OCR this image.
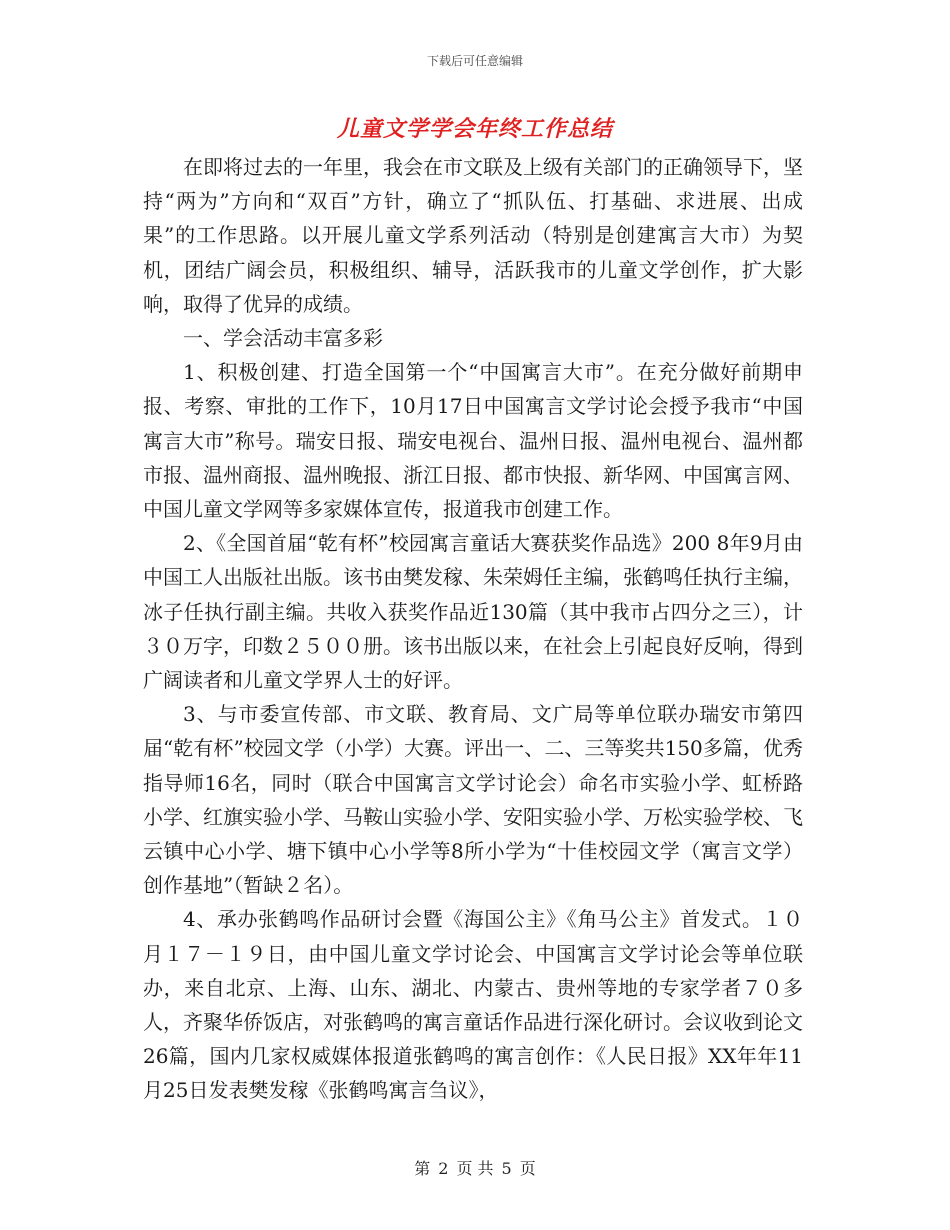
下载后可任意编辑
儿童文学学会年终工作总结

在即将过去的一年里，我会在市文联及上级有关部门的正确领导下，坚持“两为”方向和“双百”方针，确立了“抓队伍、打基础、求进展、出成果”的工作思路。以开展儿童文学系列活动（特别是创建寓言大市）为契机，团结广阔会员，积极组织、辅导，活跃我市的儿童文学创作，扩大影响，取得了优异的成绩。

一、学会活动丰富多彩

1、积极创建、打造全国第一个“中国寓言大市”。在充分做好前期申报、考察、审批的工作下，10月17日中国寓言文学讨论会授予我市“中国寓言大市”称号。瑞安日报、瑞安电视台、温州日报、温州电视台、温州都市报、温州商报、温州晚报、浙江日报、都市快报、新华网、中国寓言网、中国儿童文学网等多家媒体宣传，报道我市创建工作。

2、《全国首届“乾有杯”校园寓言童话大赛获奖作品选》200 8年9月由中国工人出版社出版。该书由樊发稼、朱荣姆任主编，张鹤鸣任执行主编，冰子任执行副主编。共收入获奖作品近130篇（其中我市占四分之三），计３０万字，印数２５００册。该书出版以来，在社会上引起良好反响，得到广阔读者和儿童文学界人士的好评。

3、与市委宣传部、市文联、教育局、文广局等单位联办瑞安市第四届“乾有杯”校园文学（小学）大赛。评出一、二、三等奖共150多篇，优秀指导师16名，同时（联合中国寓言文学讨论会）命名市实验小学、虹桥路小学、红旗实验小学、马鞍山实验小学、安阳实验小学、万松实验学校、飞云镇中心小学、塘下镇中心小学等8所小学为“十佳校园文学（寓言文学）创作基地”（暂缺２名）。

4、承办张鹤鸣作品研讨会暨《海国公主》《角马公主》首发式。１０月１７－１９日，由中国儿童文学讨论会、中国寓言文学讨论会等单位联办，来自北京、上海、山东、湖北、内蒙古、贵州等地的专家学者７０多人，齐聚华侨饭店，对张鹤鸣的寓言童话作品进行深化研讨。会议收到论文26篇，国内几家权威媒体报道张鹤鸣的寓言创作：《人民日报》XX年年11月25日发表樊发稼《张鹤鸣寓言刍议》，

第 2 页 共 5 页
